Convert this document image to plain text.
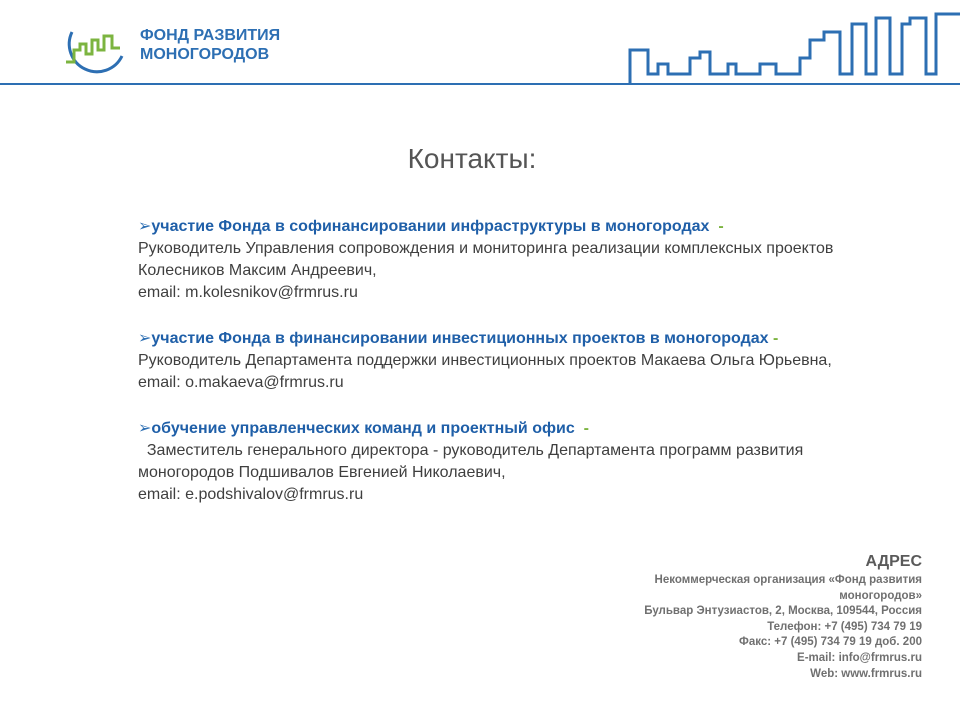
ФОНД РАЗВИТИЯ
МОНОГОРОДОВ
Контакты:
➢участие Фонда в софинансировании инфраструктуры в моногородах -
Руководитель Управления сопровождения и мониторинга реализации комплексных проектов Колесников Максим Андреевич,
email: m.kolesnikov@frmrus.ru
➢участие Фонда в финансировании инвестиционных проектов в моногородах -Руководитель Департамента поддержки инвестиционных проектов Макаева Ольга Юрьевна,
email: o.makaeva@frmrus.ru
➢обучение управленческих команд и проектный офис -
Заместитель генерального директора - руководитель Департамента программ развития моногородов Подшивалов Евгенией Николаевич,
email: e.podshivalov@frmrus.ru
АДРЕС
Некоммерческая организация «Фонд развития моногородов»
Бульвар Энтузиастов, 2, Москва, 109544, Россия
Телефон: +7 (495) 734 79 19
Факс: +7 (495) 734 79 19 доб. 200
E-mail: info@frmrus.ru
Web: www.frmrus.ru
